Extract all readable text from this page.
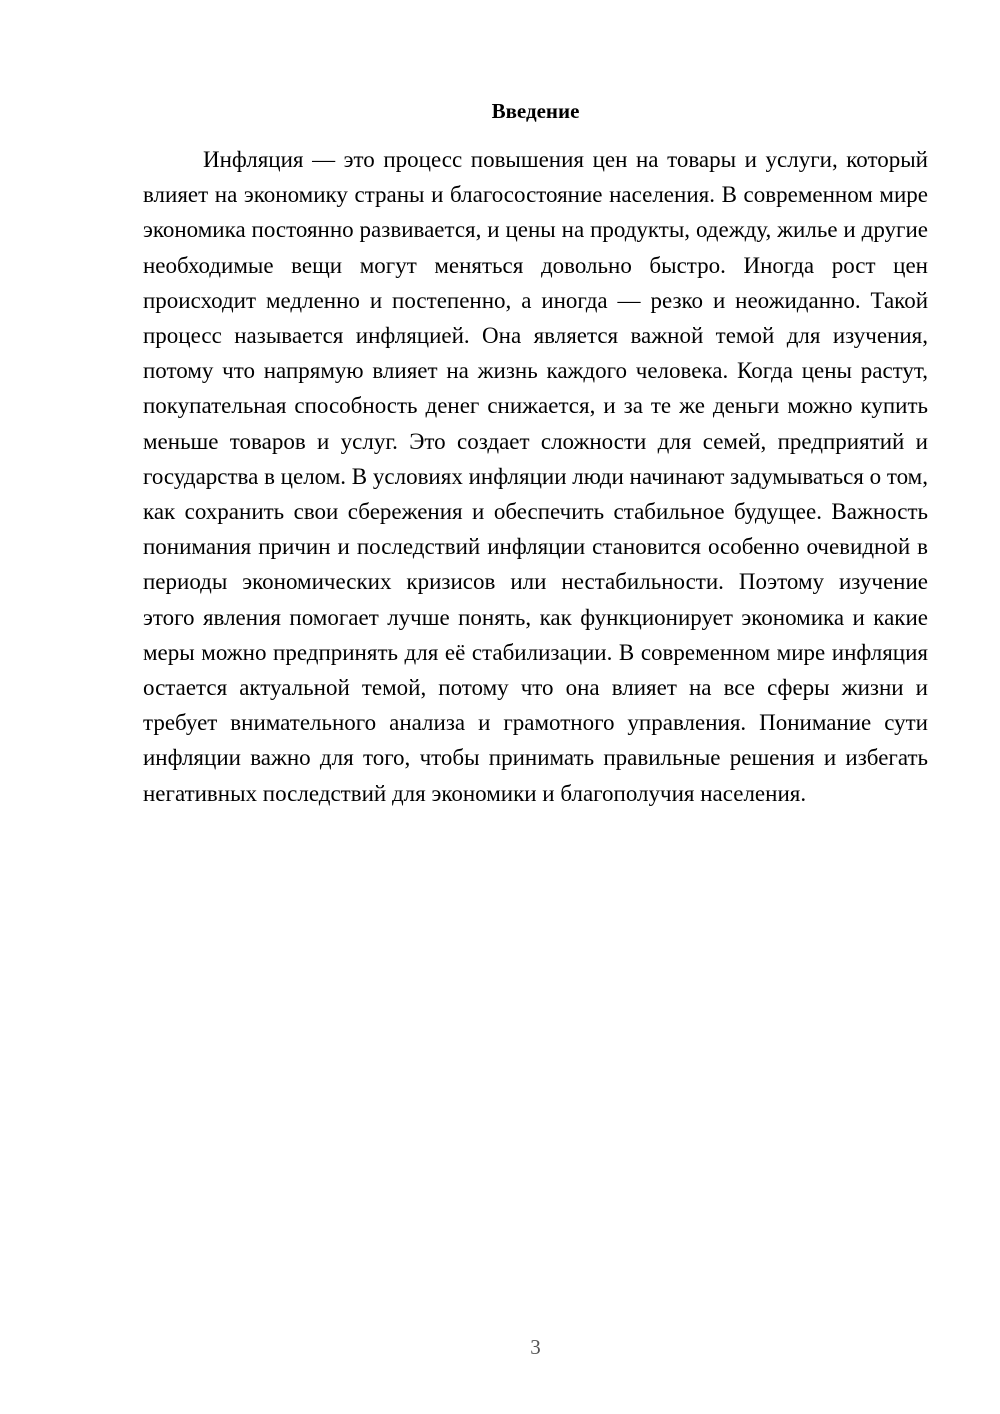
Введение

Инфляция — это процесс повышения цен на товары и услуги, который влияет на экономику страны и благосостояние населения. В современном мире экономика постоянно развивается, и цены на продукты, одежду, жилье и другие необходимые вещи могут меняться довольно быстро. Иногда рост цен происходит медленно и постепенно, а иногда — резко и неожиданно. Такой процесс называется инфляцией. Она является важной темой для изучения, потому что напрямую влияет на жизнь каждого человека. Когда цены растут, покупательная способность денег снижается, и за те же деньги можно купить меньше товаров и услуг. Это создает сложности для семей, предприятий и государства в целом. В условиях инфляции люди начинают задумываться о том, как сохранить свои сбережения и обеспечить стабильное будущее. Важность понимания причин и последствий инфляции становится особенно очевидной в периоды экономических кризисов или нестабильности. Поэтому изучение этого явления помогает лучше понять, как функционирует экономика и какие меры можно предпринять для её стабилизации. В современном мире инфляция остается актуальной темой, потому что она влияет на все сферы жизни и требует внимательного анализа и грамотного управления. Понимание сути инфляции важно для того, чтобы принимать правильные решения и избегать негативных последствий для экономики и благополучия населения.

3
